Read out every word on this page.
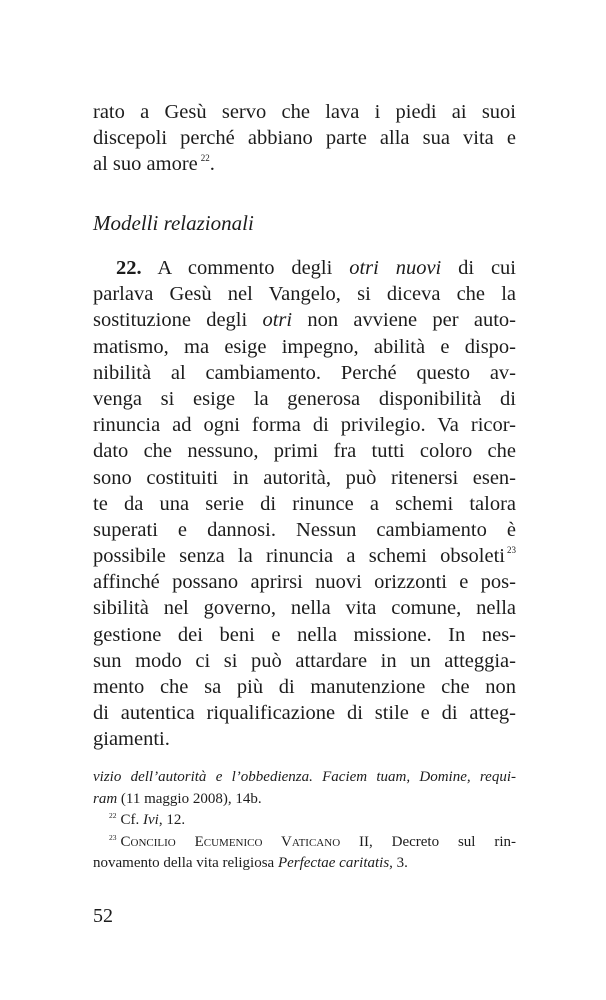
rato a Gesù servo che lava i piedi ai suoi
discepoli perché abbiano parte alla sua vita e
al suo amore $^{22}$.
Modelli relazionali
22. A commento degli otri nuovi di cui
parlava Gesù nel Vangelo, si diceva che la
sostituzione degli otri non avviene per auto-
matismo, ma esige impegno, abilità e dispo-
nibilità al cambiamento. Perché questo av-
venga si esige la generosa disponibilità di
rinuncia ad ogni forma di privilegio. Va ricor-
dato che nessuno, primi fra tutti coloro che
sono costituiti in autorità, può ritenersi esen-
te da una serie di rinunce a schemi talora
superati e dannosi. Nessun cambiamento è
possibile senza la rinuncia a schemi obsoleti $^{23}$
affinché possano aprirsi nuovi orizzonti e pos-
sibilità nel governo, nella vita comune, nella
gestione dei beni e nella missione. In nes-
sun modo ci si può attardare in un atteggia-
mento che sa più di manutenzione che non
di autentica riqualificazione di stile e di atteg-
giamenti.
vizio dell’autorità e l’obbedienza. Faciem tuam, Domine, requi-
ram (11 maggio 2008), 14b.
$^{22}$ Cf. Ivi, 12.
$^{23}$ Concilio Ecumenico Vaticano II, Decreto sul rin-
novamento della vita religiosa Perfectae caritatis, 3.
52
